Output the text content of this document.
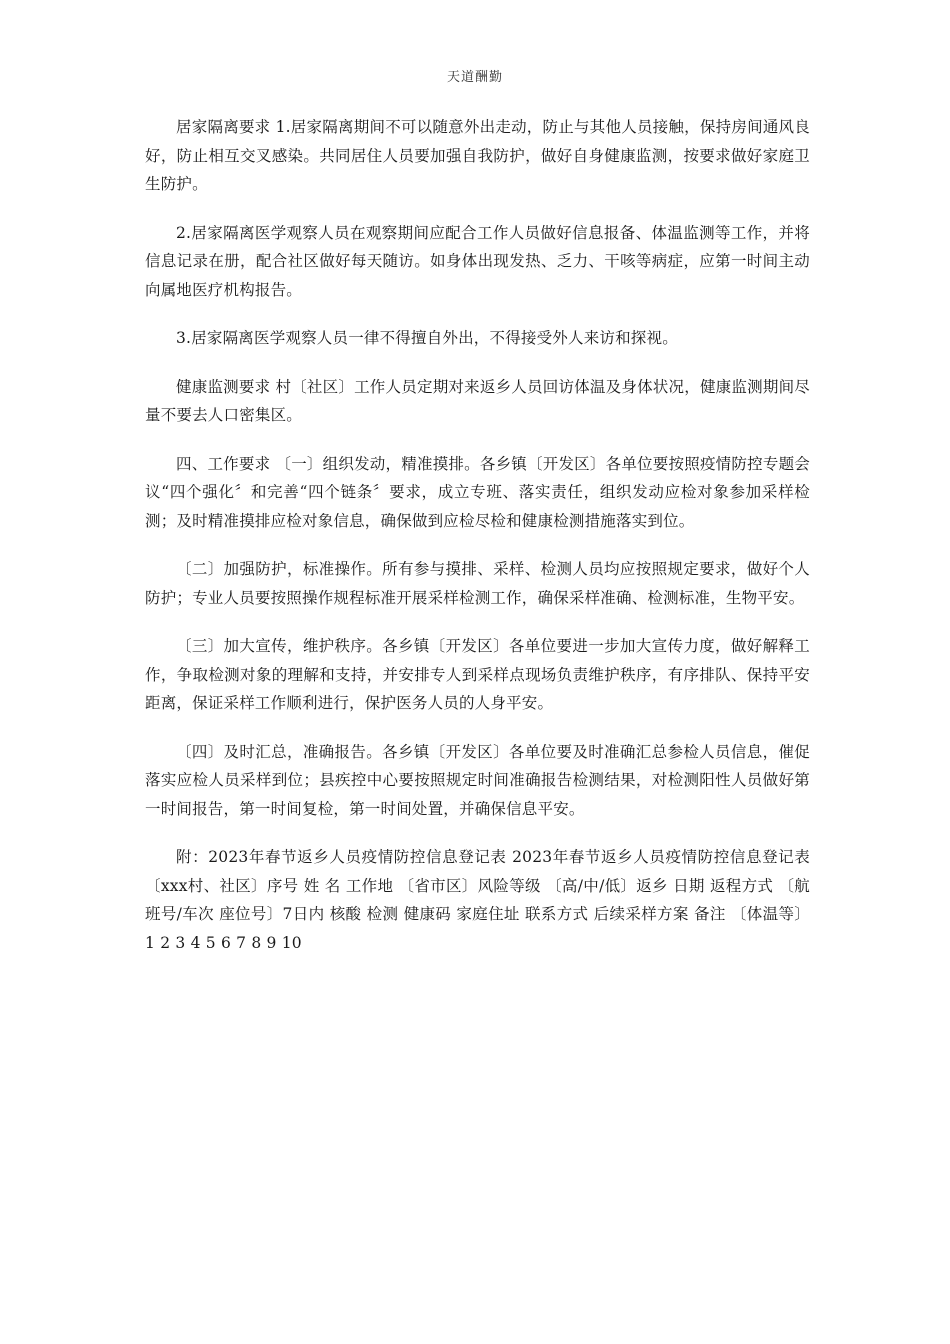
天道酬勤

居家隔离要求 1.居家隔离期间不可以随意外出走动，防止与其他人员接触，保持房间通风良好，防止相互交叉感染。共同居住人员要加强自我防护，做好自身健康监测，按要求做好家庭卫生防护。

2.居家隔离医学观察人员在观察期间应配合工作人员做好信息报备、体温监测等工作，并将信息记录在册，配合社区做好每天随访。如身体出现发热、乏力、干咳等病症，应第一时间主动向属地医疗机构报告。

3.居家隔离医学观察人员一律不得擅自外出，不得接受外人来访和探视。

健康监测要求 村〔社区〕工作人员定期对来返乡人员回访体温及身体状况，健康监测期间尽量不要去人口密集区。

四、工作要求 〔一〕组织发动，精准摸排。各乡镇〔开发区〕各单位要按照疫情防控专题会议“四个强化〞和完善“四个链条〞要求，成立专班、落实责任，组织发动应检对象参加采样检测；及时精准摸排应检对象信息，确保做到应检尽检和健康检测措施落实到位。

〔二〕加强防护，标准操作。所有参与摸排、采样、检测人员均应按照规定要求，做好个人防护；专业人员要按照操作规程标准开展采样检测工作，确保采样准确、检测标准，生物平安。

〔三〕加大宣传，维护秩序。各乡镇〔开发区〕各单位要进一步加大宣传力度，做好解释工作，争取检测对象的理解和支持，并安排专人到采样点现场负责维护秩序，有序排队、保持平安距离，保证采样工作顺利进行，保护医务人员的人身平安。

〔四〕及时汇总，准确报告。各乡镇〔开发区〕各单位要及时准确汇总参检人员信息，催促落实应检人员采样到位；县疾控中心要按照规定时间准确报告检测结果，对检测阳性人员做好第一时间报告，第一时间复检，第一时间处置，并确保信息平安。

附：2023年春节返乡人员疫情防控信息登记表 2023年春节返乡人员疫情防控信息登记表 〔xxx村、社区〕序号 姓 名 工作地 〔省市区〕风险等级 〔高/中/低〕返乡 日期 返程方式 〔航班号/车次 座位号〕7日内 核酸 检测 健康码 家庭住址 联系方式 后续采样方案 备注 〔体温等〕1 2 3 4 5 6 7 8 9 10
